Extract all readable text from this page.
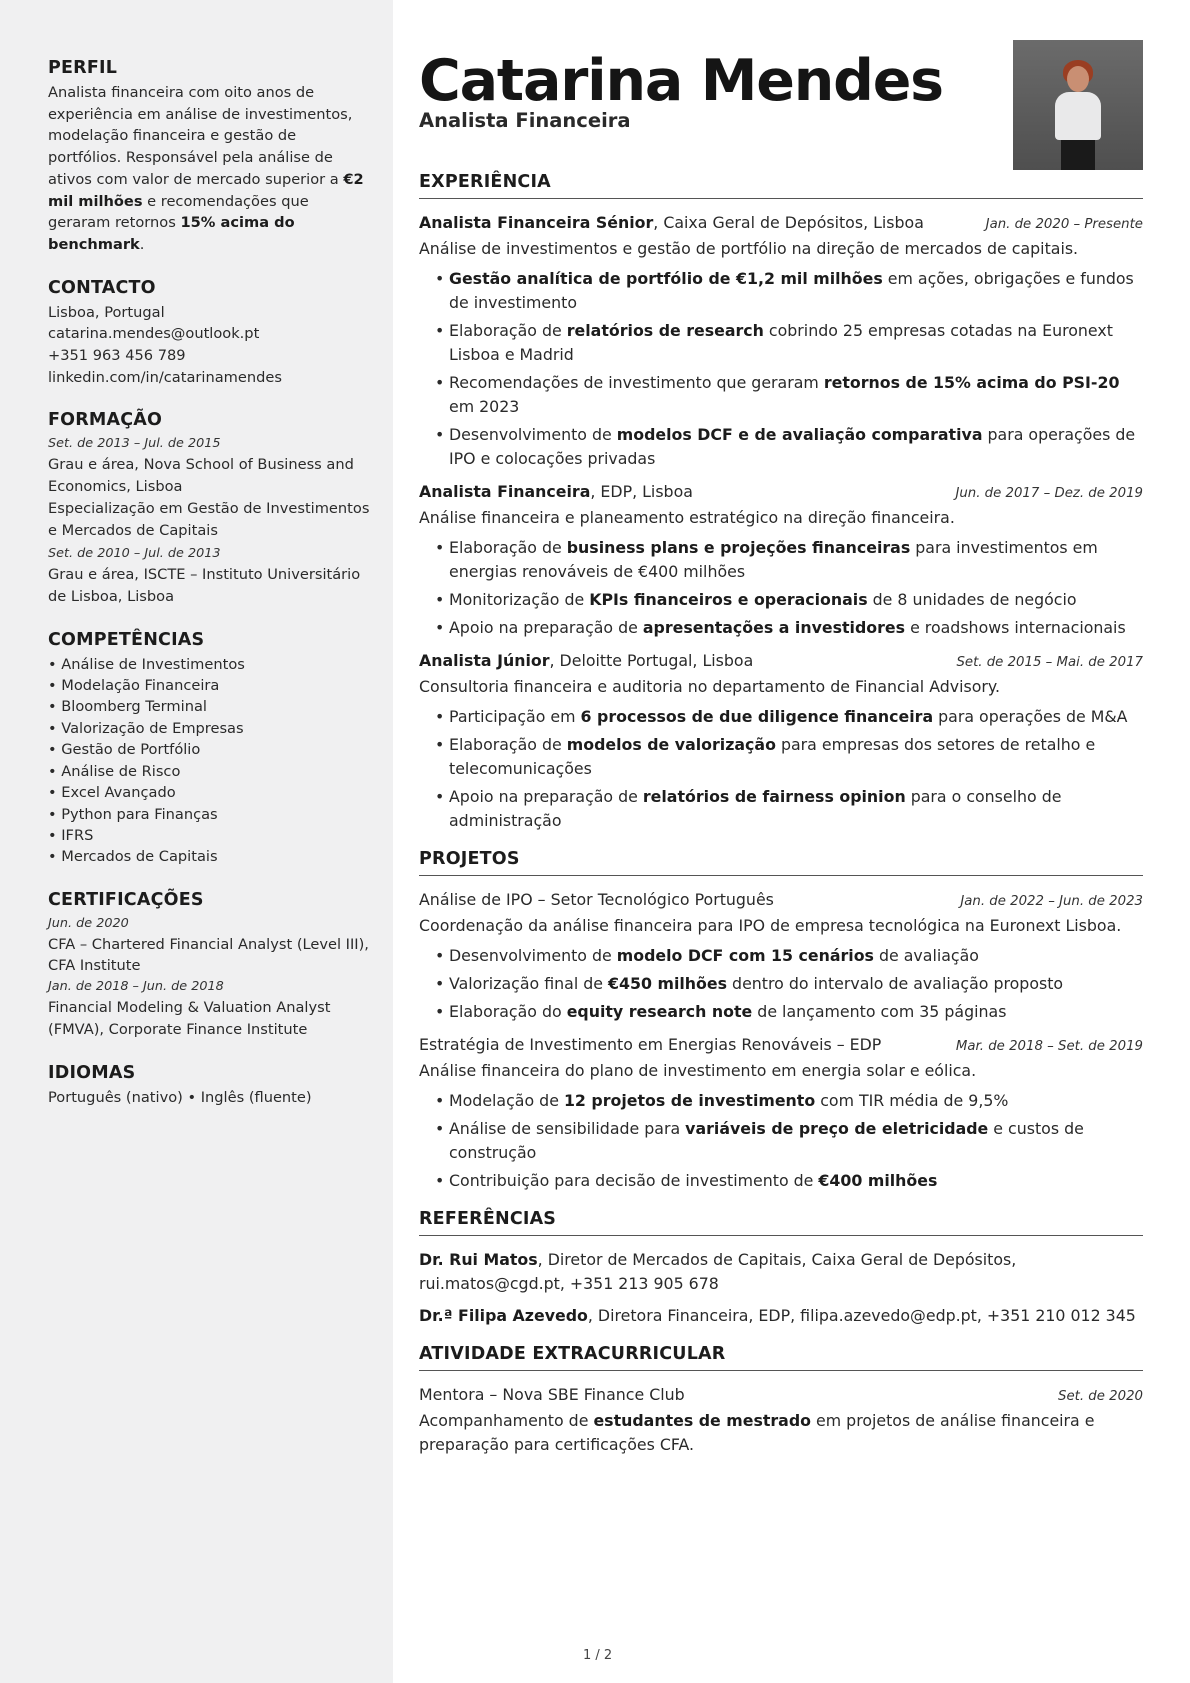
PERFIL
Analista financeira com oito anos de experiência em análise de investimentos, modelação financeira e gestão de portfólios. Responsável pela análise de ativos com valor de mercado superior a €2 mil milhões e recomendações que geraram retornos 15% acima do benchmark.
CONTACTO
Lisboa, Portugal
catarina.mendes@outlook.pt
+351 963 456 789
linkedin.com/in/catarinamendes
FORMAÇÃO
Set. de 2013 – Jul. de 2015
Grau e área, Nova School of Business and Economics, Lisboa
Especialização em Gestão de Investimentos e Mercados de Capitais
Set. de 2010 – Jul. de 2013
Grau e área, ISCTE – Instituto Universitário de Lisboa, Lisboa
COMPETÊNCIAS
• Análise de Investimentos
• Modelação Financeira
• Bloomberg Terminal
• Valorização de Empresas
• Gestão de Portfólio
• Análise de Risco
• Excel Avançado
• Python para Finanças
• IFRS
• Mercados de Capitais
CERTIFICAÇÕES
Jun. de 2020
CFA – Chartered Financial Analyst (Level III), CFA Institute
Jan. de 2018 – Jun. de 2018
Financial Modeling & Valuation Analyst (FMVA), Corporate Finance Institute
IDIOMAS
Português (nativo) • Inglês (fluente)
Catarina Mendes
Analista Financeira
EXPERIÊNCIA
Analista Financeira Sénior, Caixa Geral de Depósitos, Lisboa	Jan. de 2020 – Presente
Análise de investimentos e gestão de portfólio na direção de mercados de capitais.
• Gestão analítica de portfólio de €1,2 mil milhões em ações, obrigações e fundos de investimento
• Elaboração de relatórios de research cobrindo 25 empresas cotadas na Euronext Lisboa e Madrid
• Recomendações de investimento que geraram retornos de 15% acima do PSI-20 em 2023
• Desenvolvimento de modelos DCF e de avaliação comparativa para operações de IPO e colocações privadas
Analista Financeira, EDP, Lisboa	Jun. de 2017 – Dez. de 2019
Análise financeira e planeamento estratégico na direção financeira.
• Elaboração de business plans e projeções financeiras para investimentos em energias renováveis de €400 milhões
• Monitorização de KPIs financeiros e operacionais de 8 unidades de negócio
• Apoio na preparação de apresentações a investidores e roadshows internacionais
Analista Júnior, Deloitte Portugal, Lisboa	Set. de 2015 – Mai. de 2017
Consultoria financeira e auditoria no departamento de Financial Advisory.
• Participação em 6 processos de due diligence financeira para operações de M&A
• Elaboração de modelos de valorização para empresas dos setores de retalho e telecomunicações
• Apoio na preparação de relatórios de fairness opinion para o conselho de administração
PROJETOS
Análise de IPO – Setor Tecnológico Português	Jan. de 2022 – Jun. de 2023
Coordenação da análise financeira para IPO de empresa tecnológica na Euronext Lisboa.
• Desenvolvimento de modelo DCF com 15 cenários de avaliação
• Valorização final de €450 milhões dentro do intervalo de avaliação proposto
• Elaboração do equity research note de lançamento com 35 páginas
Estratégia de Investimento em Energias Renováveis – EDP	Mar. de 2018 – Set. de 2019
Análise financeira do plano de investimento em energia solar e eólica.
• Modelação de 12 projetos de investimento com TIR média de 9,5%
• Análise de sensibilidade para variáveis de preço de eletricidade e custos de construção
• Contribuição para decisão de investimento de €400 milhões
REFERÊNCIAS
Dr. Rui Matos, Diretor de Mercados de Capitais, Caixa Geral de Depósitos, rui.matos@cgd.pt, +351 213 905 678
Dr.ª Filipa Azevedo, Diretora Financeira, EDP, filipa.azevedo@edp.pt, +351 210 012 345
ATIVIDADE EXTRACURRICULAR
Mentora – Nova SBE Finance Club	Set. de 2020
Acompanhamento de estudantes de mestrado em projetos de análise financeira e preparação para certificações CFA.
1 / 2
